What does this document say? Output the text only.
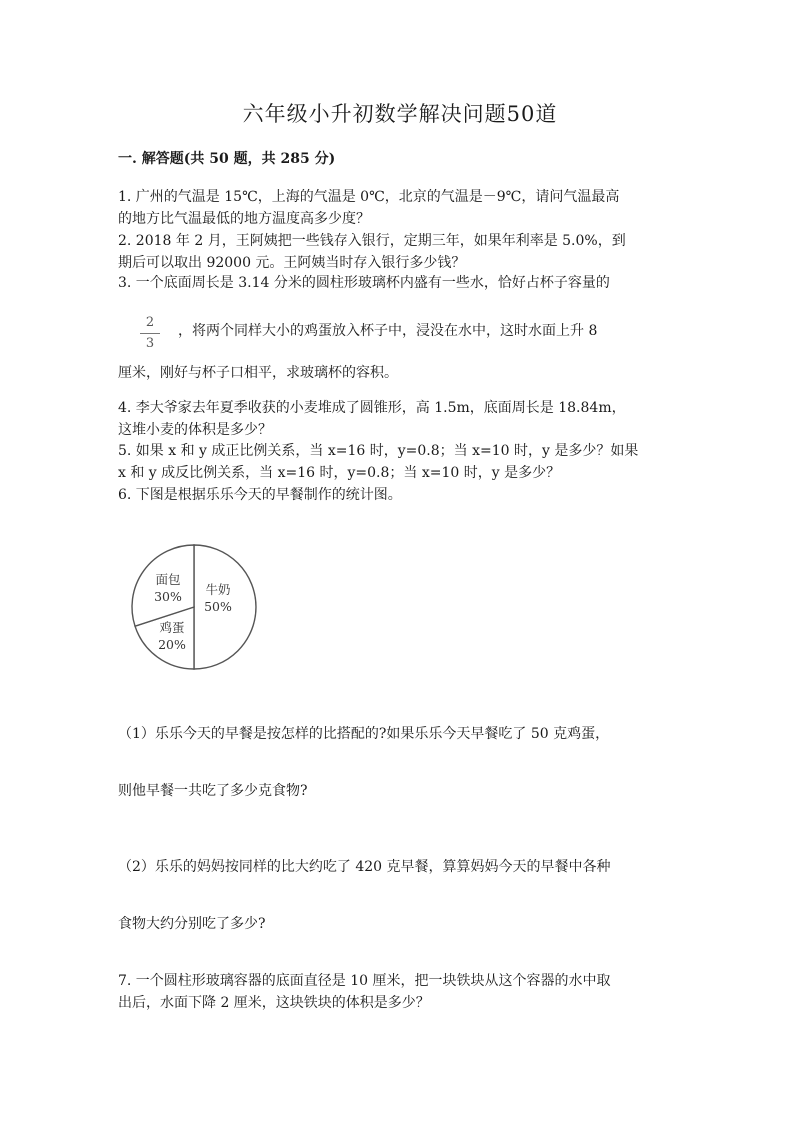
六年级小升初数学解决问题50道
一. 解答题(共 50 题，共 285 分)
1. 广州的气温是 15℃，上海的气温是 0℃，北京的气温是－9℃，请问气温最高
的地方比气温最低的地方温度高多少度？
2. 2018 年 2 月，王阿姨把一些钱存入银行，定期三年，如果年利率是 5.0%，到
期后可以取出 92000 元。王阿姨当时存入银行多少钱？
3. 一个底面周长是 3.14 分米的圆柱形玻璃杯内盛有一些水，恰好占杯子容量的
2
3
，将两个同样大小的鸡蛋放入杯子中，浸没在水中，这时水面上升 8
厘米，刚好与杯子口相平，求玻璃杯的容积。
4. 李大爷家去年夏季收获的小麦堆成了圆锥形，高 1.5m，底面周长是 18.84m，
这堆小麦的体积是多少？
5. 如果 x 和 y 成正比例关系，当 x=16 时，y=0.8；当 x=10 时，y 是多少？如果
x 和 y 成反比例关系，当 x=16 时，y=0.8；当 x=10 时，y 是多少？
6. 下图是根据乐乐今天的早餐制作的统计图。
牛奶
50%
鸡蛋
20%
面包
30%
（1）乐乐今天的早餐是按怎样的比搭配的?如果乐乐今天早餐吃了 50 克鸡蛋，
则他早餐一共吃了多少克食物?
（2）乐乐的妈妈按同样的比大约吃了 420 克早餐，算算妈妈今天的早餐中各种
食物大约分别吃了多少?
7. 一个圆柱形玻璃容器的底面直径是 10 厘米，把一块铁块从这个容器的水中取
出后，水面下降 2 厘米，这块铁块的体积是多少？
